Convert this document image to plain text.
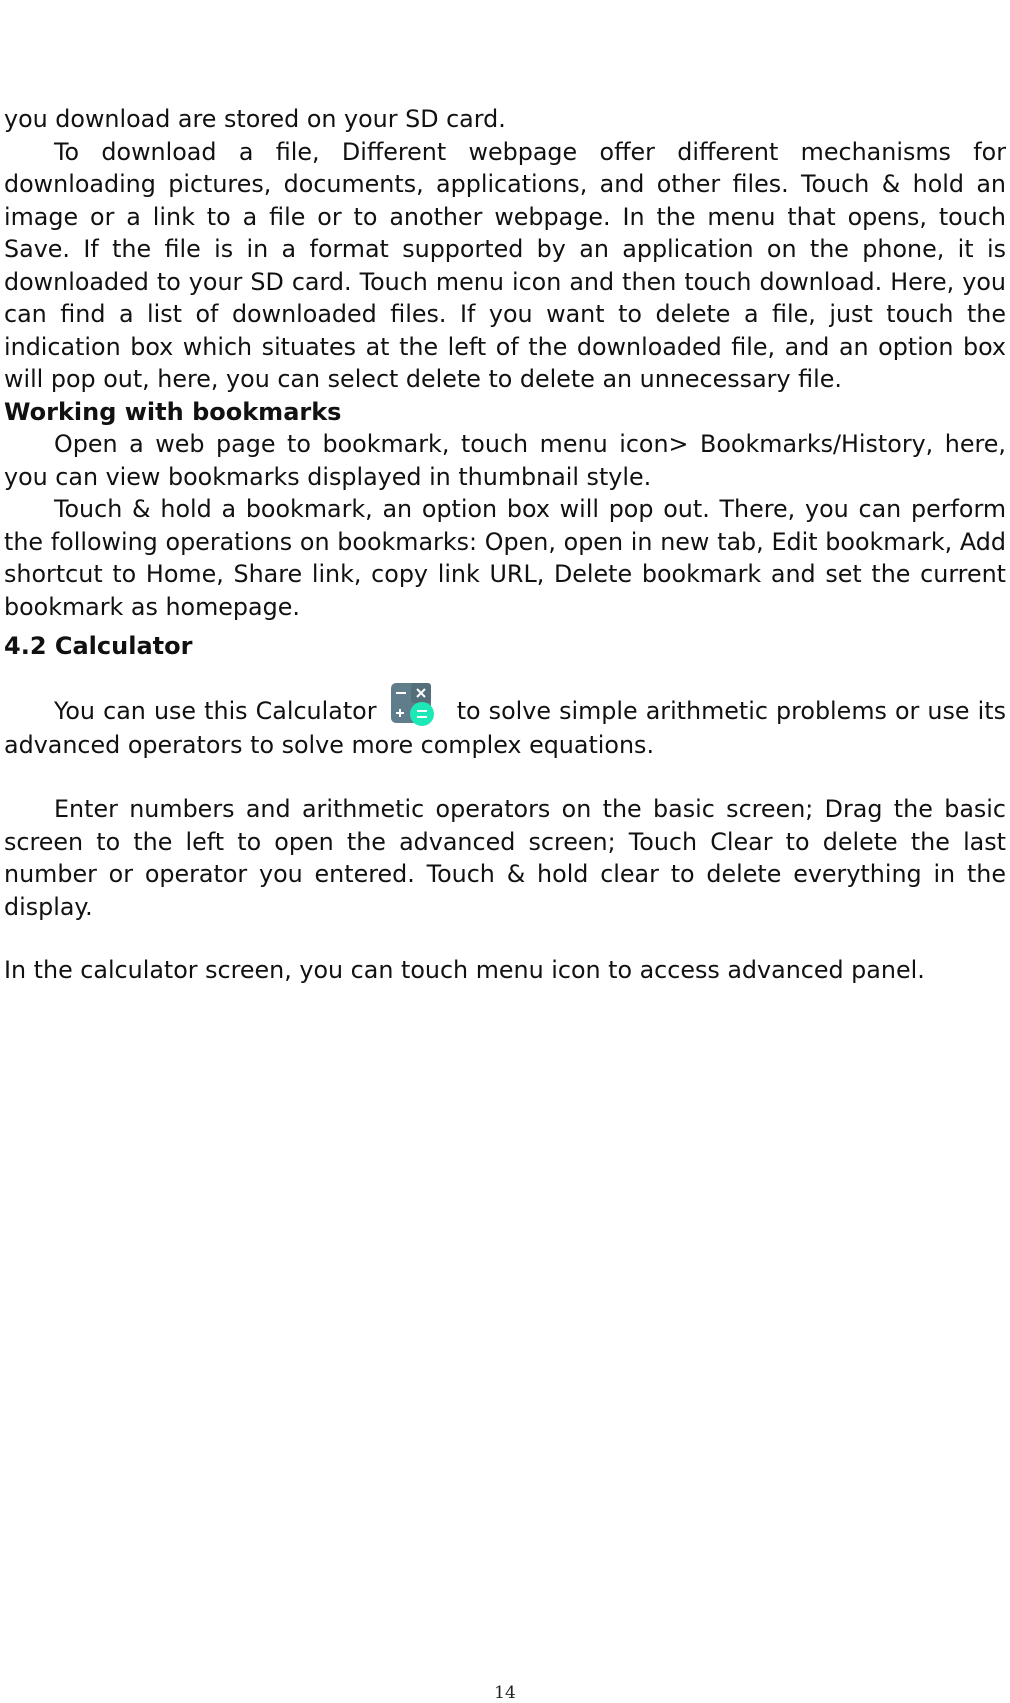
you download are stored on your SD card.

To download a file, Different webpage offer different mechanisms for downloading pictures, documents, applications, and other files. Touch & hold an image or a link to a file or to another webpage. In the menu that opens, touch Save. If the file is in a format supported by an application on the phone, it is downloaded to your SD card. Touch menu icon and then touch download. Here, you can find a list of downloaded files. If you want to delete a file, just touch the indication box which situates at the left of the downloaded file, and an option box will pop out, here, you can select delete to delete an unnecessary file.

Working with bookmarks

Open a web page to bookmark, touch menu icon> Bookmarks/History, here, you can view bookmarks displayed in thumbnail style.

Touch & hold a bookmark, an option box will pop out. There, you can perform the following operations on bookmarks: Open, open in new tab, Edit bookmark, Add shortcut to Home, Share link, copy link URL, Delete bookmark and set the current bookmark as homepage.

4.2 Calculator

You can use this Calculator	to solve simple arithmetic problems or use its advanced operators to solve more complex equations.

Enter numbers and arithmetic operators on the basic screen; Drag the basic screen to the left to open the advanced screen; Touch Clear to delete the last number or operator you entered. Touch & hold clear to delete everything in the display.

In the calculator screen, you can touch menu icon to access advanced panel.

14
